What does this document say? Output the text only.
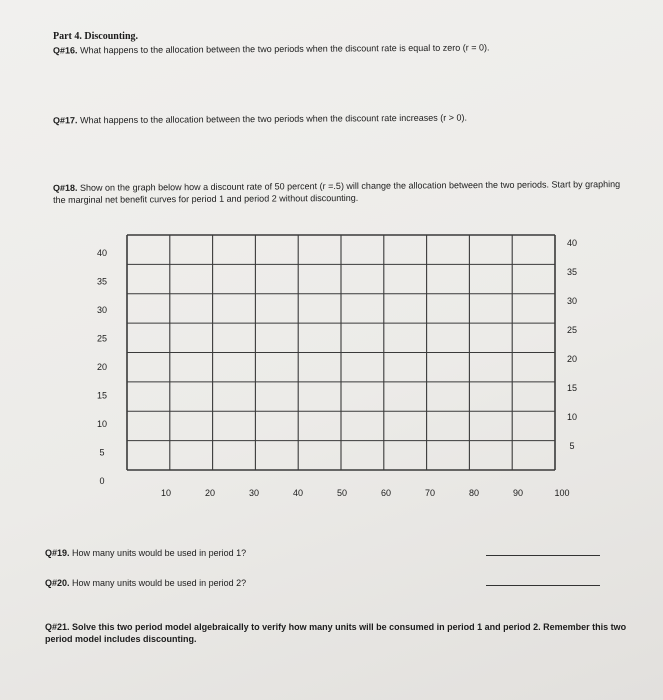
Part 4. Discounting.
Q#16. What happens to the allocation between the two periods when the discount rate is equal to zero (r = 0).
Q#17. What happens to the allocation between the two periods when the discount rate increases (r > 0).
Q#18. Show on the graph below how a discount rate of 50 percent (r =.5) will change the allocation between the two periods. Start by graphing the marginal net benefit curves for period 1 and period 2 without discounting.
10	20	30	40	50	60	70	80	90	100
40
35
30
25
20
15
10
5
0
40
35
30
25
20
15
10
5
Q#19. How many units would be used in period 1?
Q#20. How many units would be used in period 2?
Q#21. Solve this two period model algebraically to verify how many units will be consumed in period 1 and period 2. Remember this two period model includes discounting.
